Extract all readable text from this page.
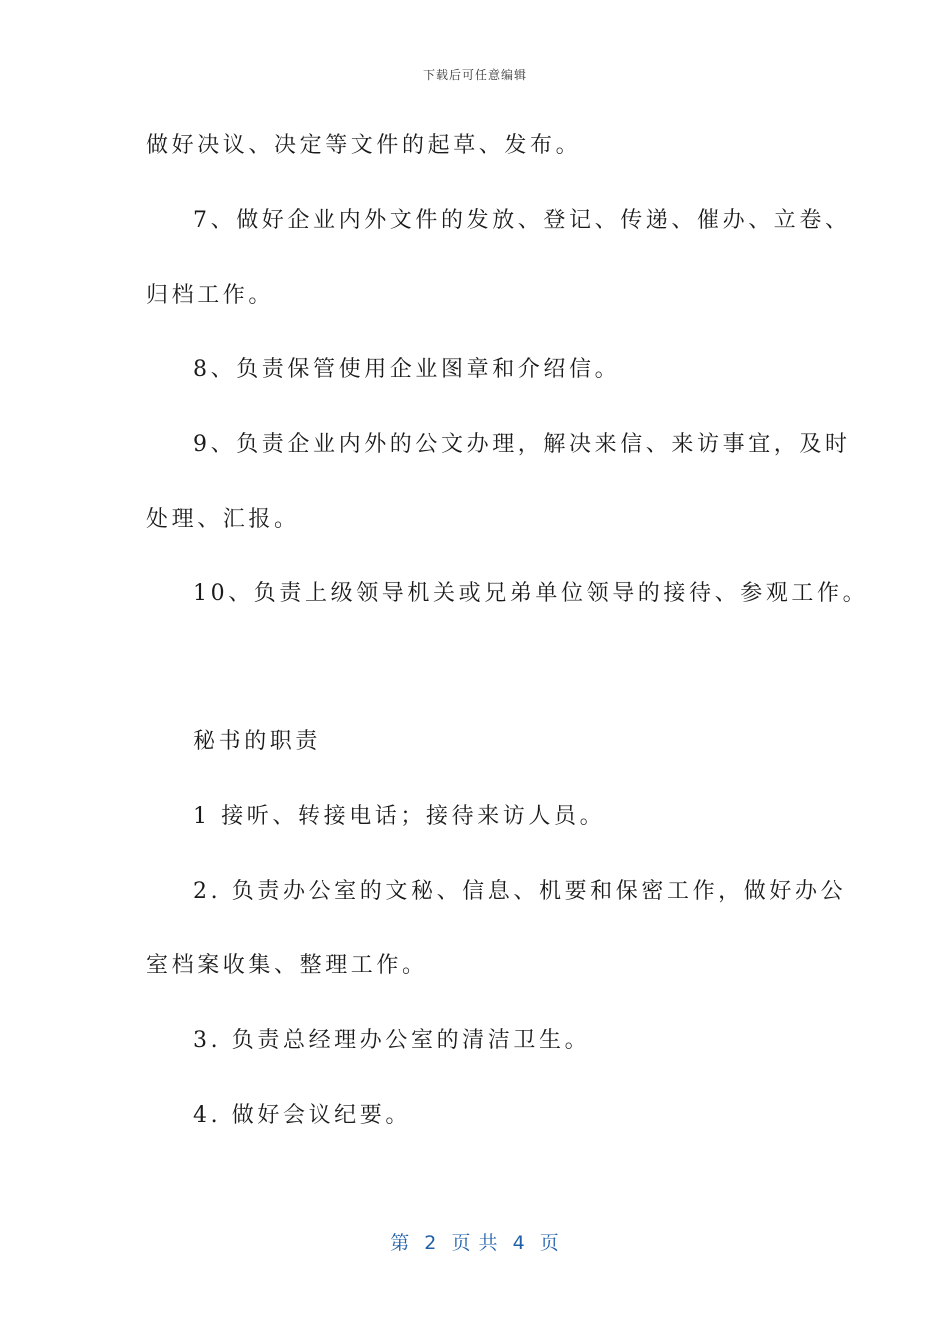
下载后可任意编辑
做好决议、决定等文件的起草、发布。
7、做好企业内外文件的发放、登记、传递、催办、立卷、
归档工作。
8、负责保管使用企业图章和介绍信。
9、负责企业内外的公文办理，解决来信、来访事宜，及时
处理、汇报。
10、负责上级领导机关或兄弟单位领导的接待、参观工作。
秘书的职责
1 接听、转接电话；接待来访人员。
2. 负责办公室的文秘、信息、机要和保密工作，做好办公
室档案收集、整理工作。
3. 负责总经理办公室的清洁卫生。
4. 做好会议纪要。
第  2  页 共  4  页
